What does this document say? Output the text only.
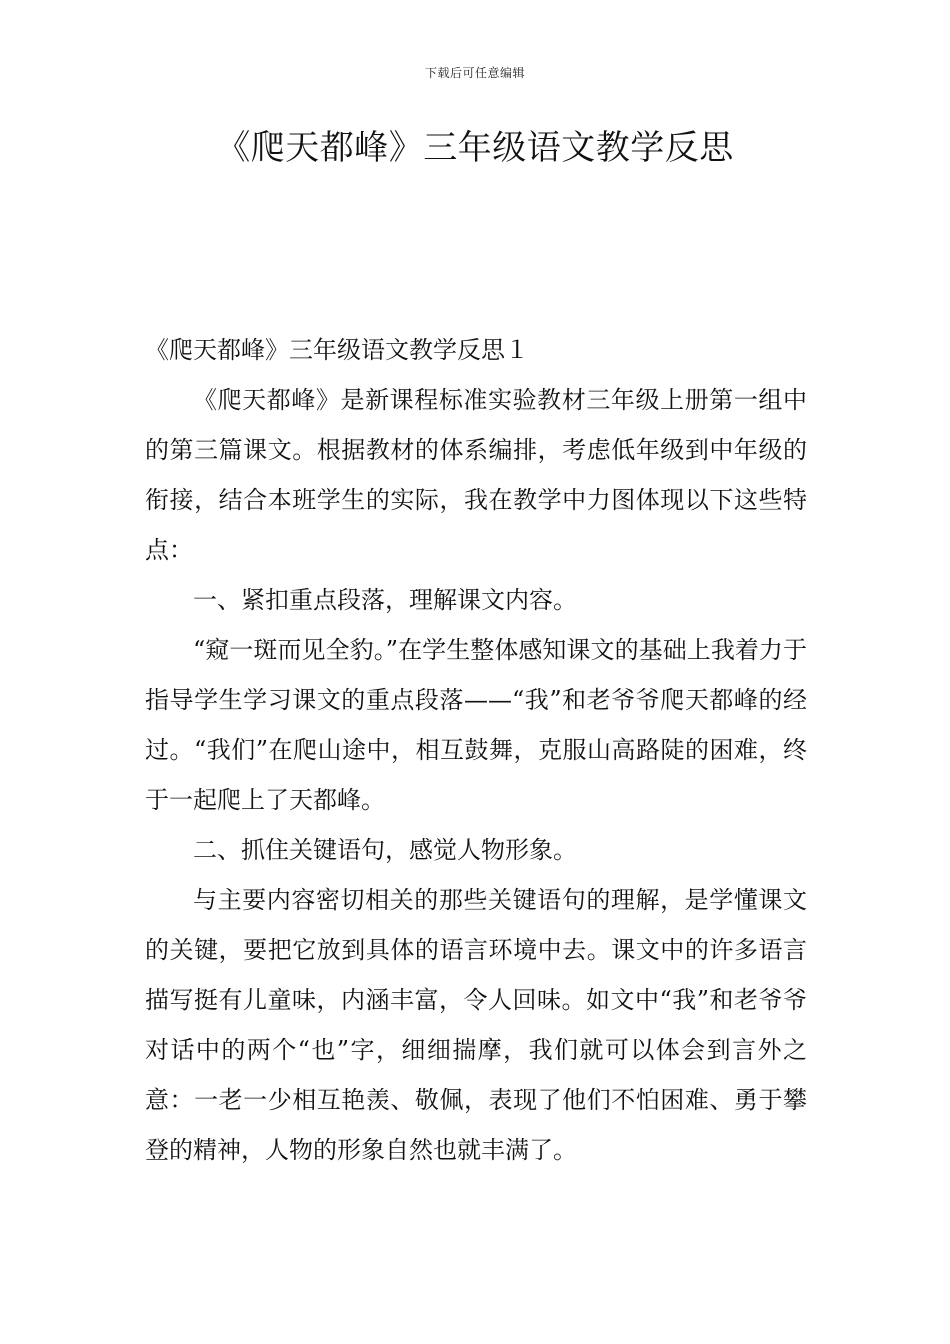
下载后可任意编辑
《爬天都峰》三年级语文教学反思

《爬天都峰》三年级语文教学反思１

《爬天都峰》是新课程标准实验教材三年级上册第一组中的第三篇课文。根据教材的体系编排，考虑低年级到中年级的衔接，结合本班学生的实际，我在教学中力图体现以下这些特点：

一、紧扣重点段落，理解课文内容。

“窥一斑而见全豹。”在学生整体感知课文的基础上我着力于指导学生学习课文的重点段落——“我”和老爷爷爬天都峰的经过。“我们”在爬山途中，相互鼓舞，克服山高路陡的困难，终于一起爬上了天都峰。

二、抓住关键语句，感觉人物形象。

与主要内容密切相关的那些关键语句的理解，是学懂课文的关键，要把它放到具体的语言环境中去。课文中的许多语言描写挺有儿童味，内涵丰富，令人回味。如文中“我”和老爷爷对话中的两个“也”字，细细揣摩，我们就可以体会到言外之意：一老一少相互艳羡、敬佩，表现了他们不怕困难、勇于攀登的精神，人物的形象自然也就丰满了。
